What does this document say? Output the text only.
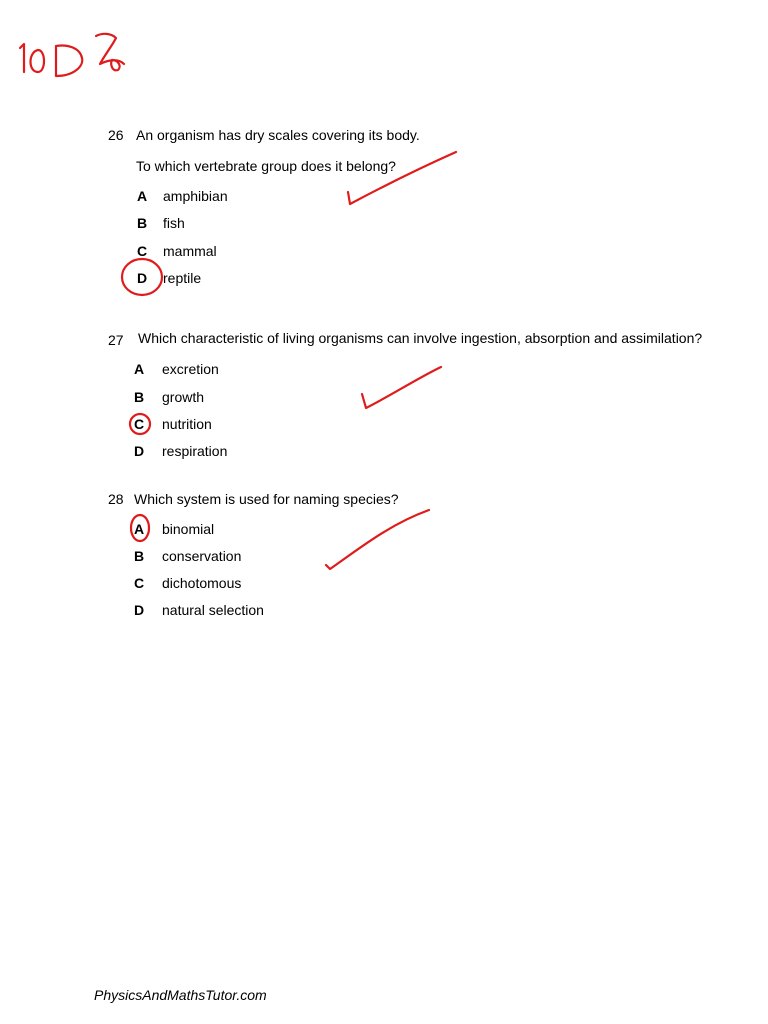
26 An organism has dry scales covering its body.
To which vertebrate group does it belong?
A amphibian
B fish
C mammal
D reptile
27 Which characteristic of living organisms can involve ingestion, absorption and assimilation?
A excretion
B growth
C nutrition
D respiration
28 Which system is used for naming species?
A binomial
B conservation
C dichotomous
D natural selection
PhysicsAndMathsTutor.com
